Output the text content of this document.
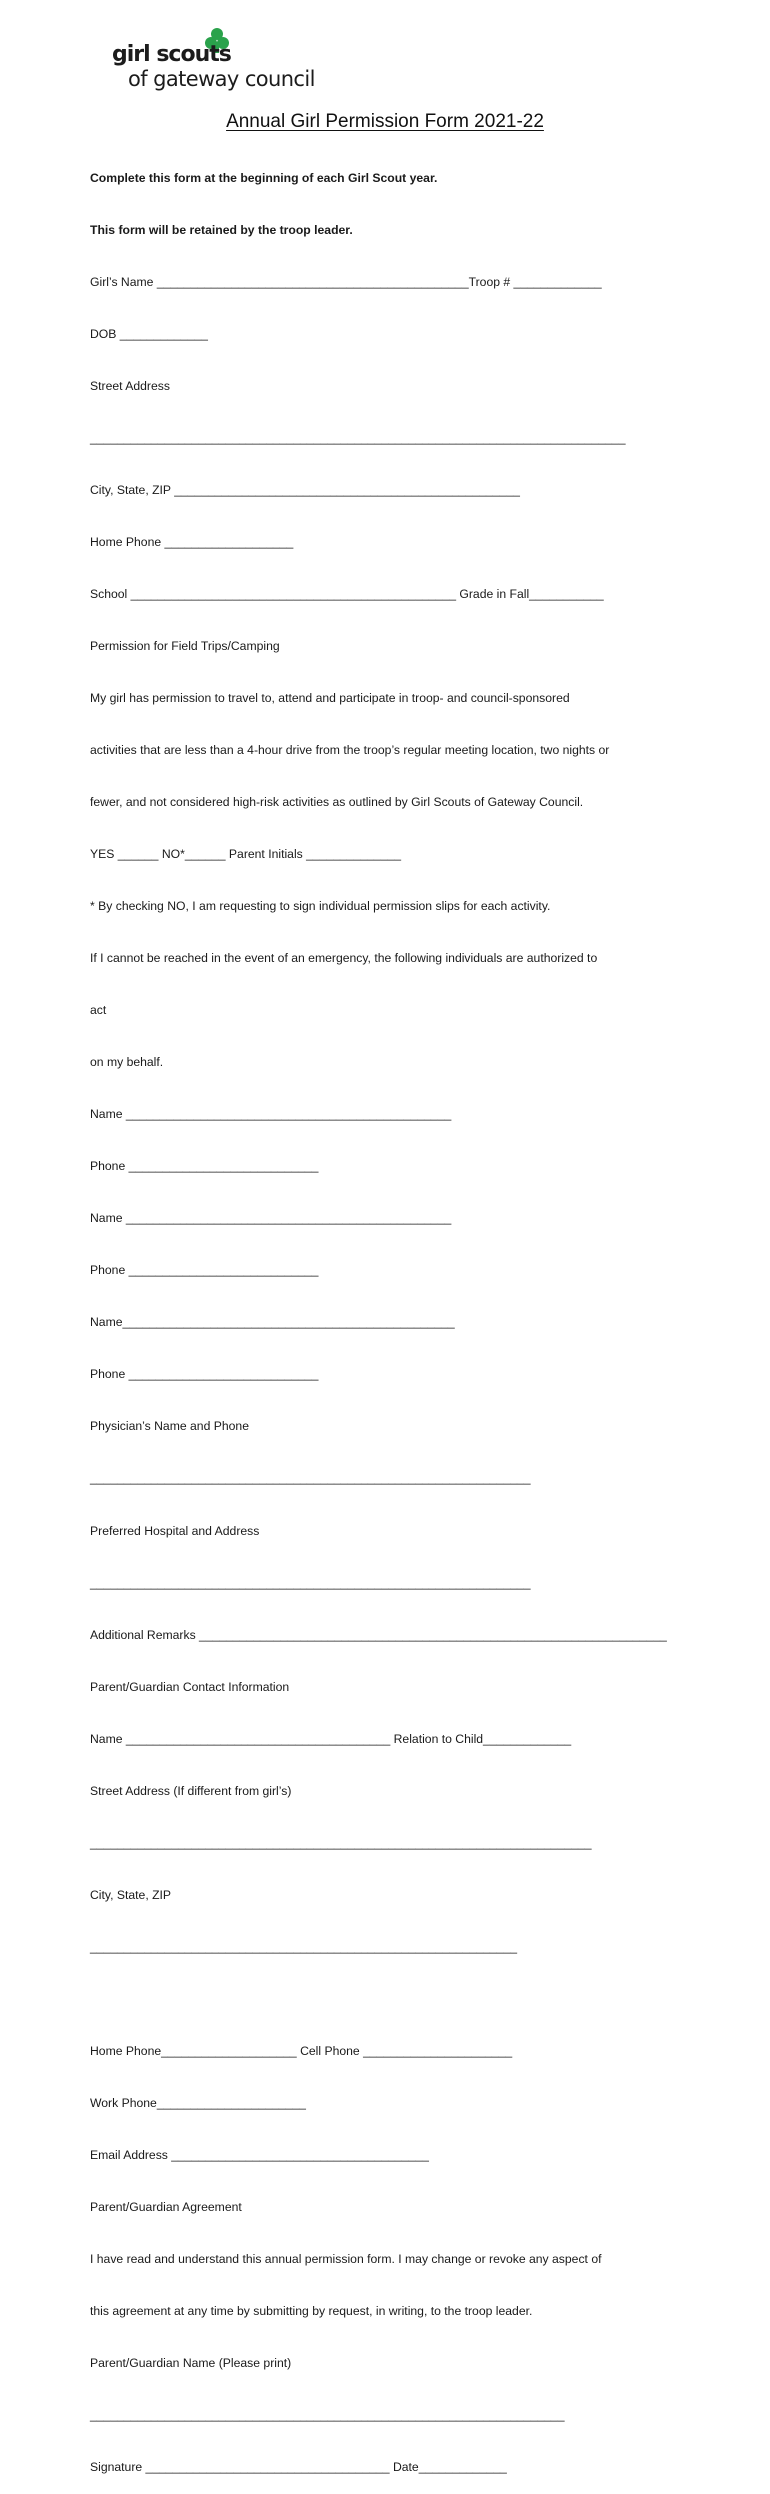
girl scouts
of gateway council
Annual Girl Permission Form 2021-22

Complete this form at the beginning of each Girl Scout year.

This form will be retained by the troop leader.

Girl’s Name ______________________________________________Troop # _____________

DOB _____________

Street Address

_______________________________________________________________________________

City, State, ZIP ___________________________________________________

Home Phone ___________________

School ________________________________________________ Grade in Fall___________

Permission for Field Trips/Camping

My girl has permission to travel to, attend and participate in troop- and council-sponsored

activities that are less than a 4-hour drive from the troop’s regular meeting location, two nights or

fewer, and not considered high-risk activities as outlined by Girl Scouts of Gateway Council.

YES ______ NO*______ Parent Initials ______________

* By checking NO, I am requesting to sign individual permission slips for each activity.

If I cannot be reached in the event of an emergency, the following individuals are authorized to

act

on my behalf.

Name ________________________________________________

Phone ____________________________

Name ________________________________________________

Phone ____________________________

Name_________________________________________________

Phone ____________________________

Physician’s Name and Phone

_________________________________________________________________

Preferred Hospital and Address

_________________________________________________________________

Additional Remarks _____________________________________________________________________

Parent/Guardian Contact Information

Name _______________________________________ Relation to Child_____________

Street Address (If different from girl’s)

__________________________________________________________________________

City, State, ZIP

_______________________________________________________________

Home Phone____________________ Cell Phone ______________________

Work Phone______________________

Email Address ______________________________________

Parent/Guardian Agreement

I have read and understand this annual permission form. I may change or revoke any aspect of

this agreement at any time by submitting by request, in writing, to the troop leader.

Parent/Guardian Name (Please print)

______________________________________________________________________

Signature ____________________________________ Date_____________
